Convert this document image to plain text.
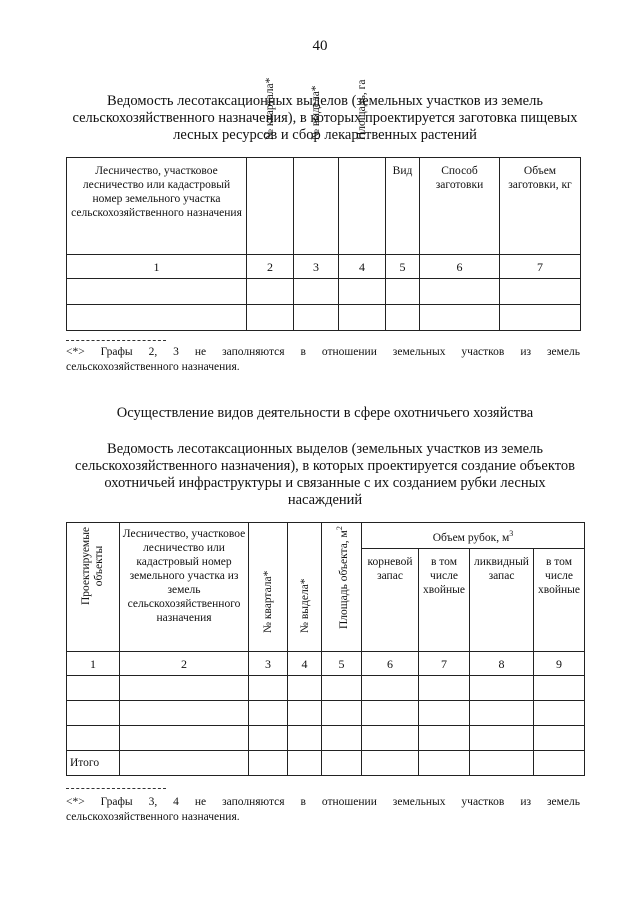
40
Ведомость лесотаксационных выделов (земельных участков из земель
сельскохозяйственного назначения), в которых проектируется заготовка пищевых
лесных ресурсов и сбор лекарственных растений
Лесничество, участковое лесничество или кадастровый номер земельного участка сельскохозяйственного назначения	№ квартала*	№ выдела*	Площадь, га	Вид	Способ заготовки	Объем заготовки, кг
1	2	3	4	5	6	7

<*> Графы 2, 3 не заполняются в отношении земельных участков из земель
сельскохозяйственного назначения.
Осуществление видов деятельности в сфере охотничьего хозяйства
Ведомость лесотаксационных выделов (земельных участков из земель
сельскохозяйственного назначения), в которых проектируется создание объектов
охотничьей инфраструктуры и связанные с их созданием рубки лесных
насаждений
Проектируемые объекты	Лесничество, участковое лесничество или кадастровый номер земельного участка из земель сельскохозяйственного назначения	№ квартала*	№ выдела*	Площадь объекта, $м^2$	Объем рубок, $м^3$
					корневой запас	в том числе хвойные	ликвидный запас	в том числе хвойные
1	2	3	4	5	6	7	8	9

Итого								
<*> Графы 3, 4 не заполняются в отношении земельных участков из земель
сельскохозяйственного назначения.
